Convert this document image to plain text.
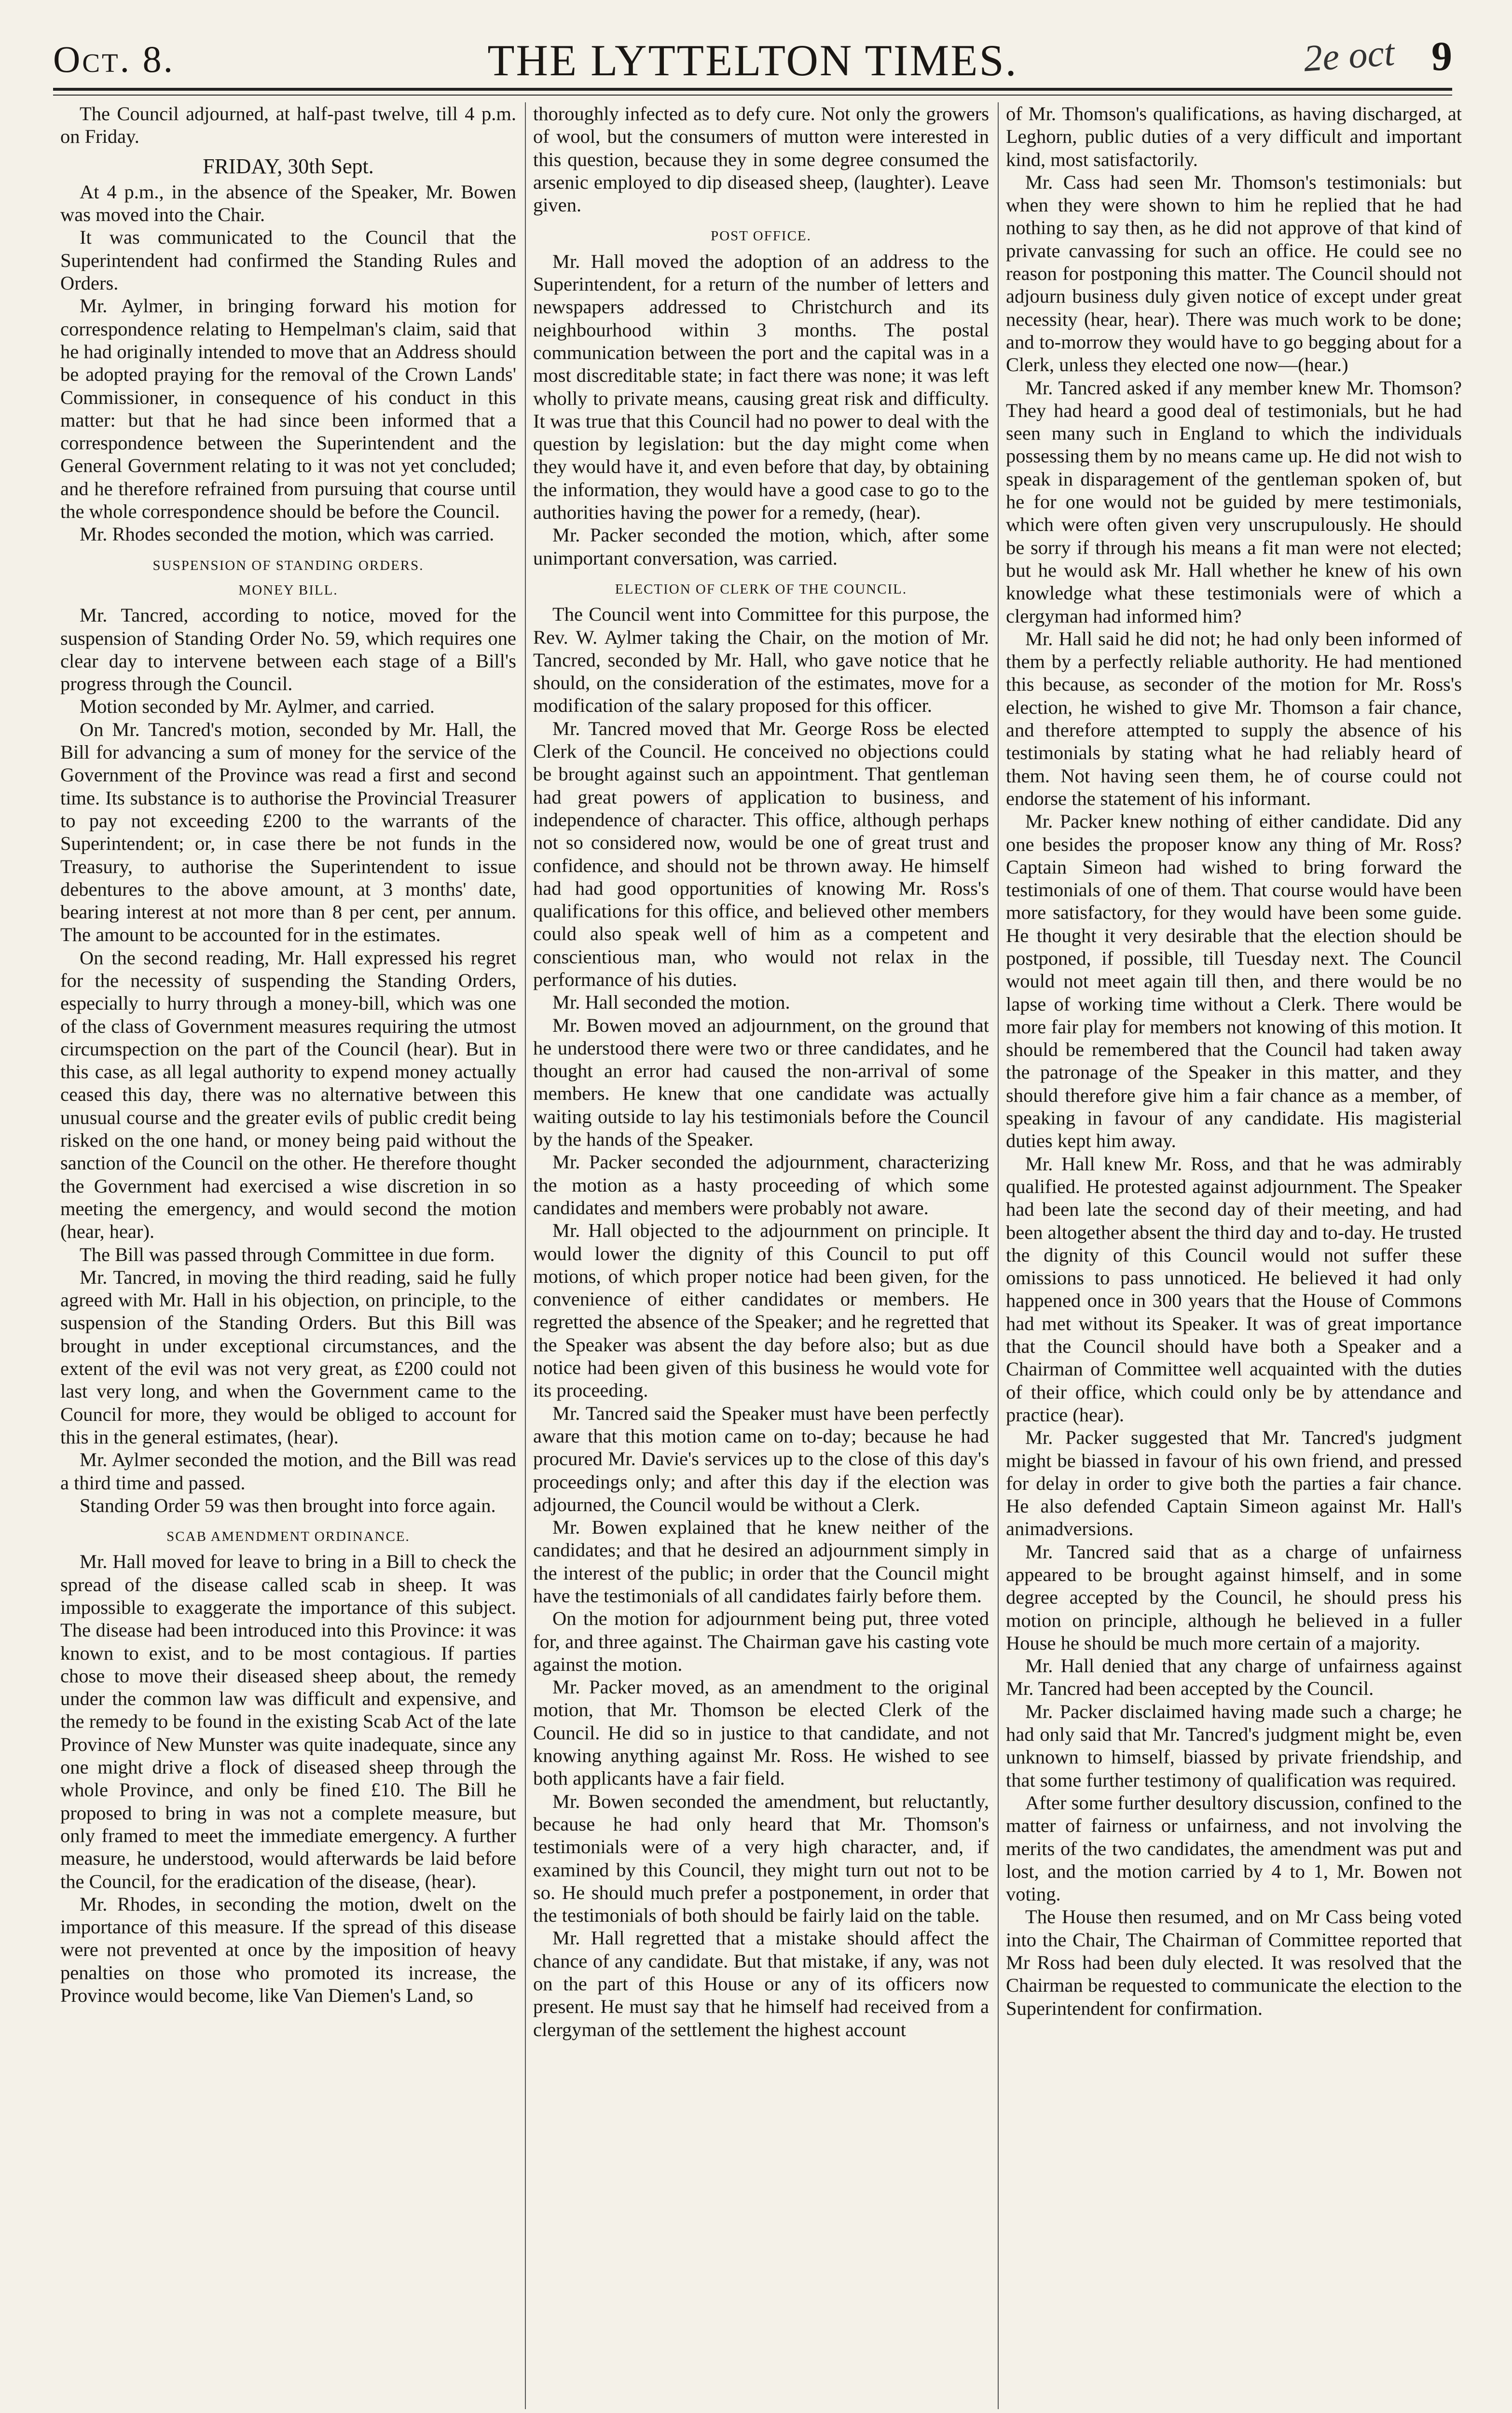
Oct. 8.	THE LYTTELTON TIMES.	2e oct 9

The Council adjourned, at half-past twelve, till 4 p.m. on Friday.

FRIDAY, 30th Sept.

At 4 p.m., in the absence of the Speaker, Mr. Bowen was moved into the Chair.

It was communicated to the Council that the Superintendent had confirmed the Standing Rules and Orders.

Mr. Aylmer, in bringing forward his motion for correspondence relating to Hempelman's claim, said that he had originally intended to move that an Address should be adopted praying for the removal of the Crown Lands' Commissioner, in consequence of his conduct in this matter: but that he had since been informed that a correspondence between the Superintendent and the General Government relating to it was not yet concluded; and he therefore refrained from pursuing that course until the whole correspondence should be before the Council.

Mr. Rhodes seconded the motion, which was carried.

SUSPENSION OF STANDING ORDERS.
MONEY BILL.

Mr. Tancred, according to notice, moved for the suspension of Standing Order No. 59, which requires one clear day to intervene between each stage of a Bill's progress through the Council.

Motion seconded by Mr. Aylmer, and carried.

On Mr. Tancred's motion, seconded by Mr. Hall, the Bill for advancing a sum of money for the service of the Government of the Province was read a first and second time. Its substance is to authorise the Provincial Treasurer to pay not exceeding £200 to the warrants of the Superintendent; or, in case there be not funds in the Treasury, to authorise the Superintendent to issue debentures to the above amount, at 3 months' date, bearing interest at not more than 8 per cent, per annum. The amount to be accounted for in the estimates.

On the second reading, Mr. Hall expressed his regret for the necessity of suspending the Standing Orders, especially to hurry through a money-bill, which was one of the class of Government measures requiring the utmost circumspection on the part of the Council (hear). But in this case, as all legal authority to expend money actually ceased this day, there was no alternative between this unusual course and the greater evils of public credit being risked on the one hand, or money being paid without the sanction of the Council on the other. He therefore thought the Government had exercised a wise discretion in so meeting the emergency, and would second the motion (hear, hear).

The Bill was passed through Committee in due form.

Mr. Tancred, in moving the third reading, said he fully agreed with Mr. Hall in his objection, on principle, to the suspension of the Standing Orders. But this Bill was brought in under exceptional circumstances, and the extent of the evil was not very great, as £200 could not last very long, and when the Government came to the Council for more, they would be obliged to account for this in the general estimates, (hear).

Mr. Aylmer seconded the motion, and the Bill was read a third time and passed.

Standing Order 59 was then brought into force again.

SCAB AMENDMENT ORDINANCE.

Mr. Hall moved for leave to bring in a Bill to check the spread of the disease called scab in sheep. It was impossible to exaggerate the importance of this subject. The disease had been introduced into this Province: it was known to exist, and to be most contagious. If parties chose to move their diseased sheep about, the remedy under the common law was difficult and expensive, and the remedy to be found in the existing Scab Act of the late Province of New Munster was quite inadequate, since any one might drive a flock of diseased sheep through the whole Province, and only be fined £10. The Bill he proposed to bring in was not a complete measure, but only framed to meet the immediate emergency. A further measure, he understood, would afterwards be laid before the Council, for the eradication of the disease, (hear).

Mr. Rhodes, in seconding the motion, dwelt on the importance of this measure. If the spread of this disease were not prevented at once by the imposition of heavy penalties on those who promoted its increase, the Province would become, like Van Diemen's Land, so

thoroughly infected as to defy cure. Not only the growers of wool, but the consumers of mutton were interested in this question, because they in some degree consumed the arsenic employed to dip diseased sheep, (laughter). Leave given.

POST OFFICE.

Mr. Hall moved the adoption of an address to the Superintendent, for a return of the number of letters and newspapers addressed to Christchurch and its neighbourhood within 3 months. The postal communication between the port and the capital was in a most discreditable state; in fact there was none; it was left wholly to private means, causing great risk and difficulty. It was true that this Council had no power to deal with the question by legislation: but the day might come when they would have it, and even before that day, by obtaining the information, they would have a good case to go to the authorities having the power for a remedy, (hear).

Mr. Packer seconded the motion, which, after some unimportant conversation, was carried.

ELECTION OF CLERK OF THE COUNCIL.

The Council went into Committee for this purpose, the Rev. W. Aylmer taking the Chair, on the motion of Mr. Tancred, seconded by Mr. Hall, who gave notice that he should, on the consideration of the estimates, move for a modification of the salary proposed for this officer.

Mr. Tancred moved that Mr. George Ross be elected Clerk of the Council. He conceived no objections could be brought against such an appointment. That gentleman had great powers of application to business, and independence of character. This office, although perhaps not so considered now, would be one of great trust and confidence, and should not be thrown away. He himself had had good opportunities of knowing Mr. Ross's qualifications for this office, and believed other members could also speak well of him as a competent and conscientious man, who would not relax in the performance of his duties.

Mr. Hall seconded the motion.

Mr. Bowen moved an adjournment, on the ground that he understood there were two or three candidates, and he thought an error had caused the non-arrival of some members. He knew that one candidate was actually waiting outside to lay his testimonials before the Council by the hands of the Speaker.

Mr. Packer seconded the adjournment, characterizing the motion as a hasty proceeding of which some candidates and members were probably not aware.

Mr. Hall objected to the adjournment on principle. It would lower the dignity of this Council to put off motions, of which proper notice had been given, for the convenience of either candidates or members. He regretted the absence of the Speaker; and he regretted that the Speaker was absent the day before also; but as due notice had been given of this business he would vote for its proceeding.

Mr. Tancred said the Speaker must have been perfectly aware that this motion came on to-day; because he had procured Mr. Davie's services up to the close of this day's proceedings only; and after this day if the election was adjourned, the Council would be without a Clerk.

Mr. Bowen explained that he knew neither of the candidates; and that he desired an adjournment simply in the interest of the public; in order that the Council might have the testimonials of all candidates fairly before them.

On the motion for adjournment being put, three voted for, and three against. The Chairman gave his casting vote against the motion.

Mr. Packer moved, as an amendment to the original motion, that Mr. Thomson be elected Clerk of the Council. He did so in justice to that candidate, and not knowing anything against Mr. Ross. He wished to see both applicants have a fair field.

Mr. Bowen seconded the amendment, but reluctantly, because he had only heard that Mr. Thomson's testimonials were of a very high character, and, if examined by this Council, they might turn out not to be so. He should much prefer a postponement, in order that the testimonials of both should be fairly laid on the table.

Mr. Hall regretted that a mistake should affect the chance of any candidate. But that mistake, if any, was not on the part of this House or any of its officers now present. He must say that he himself had received from a clergyman of the settlement the highest account

of Mr. Thomson's qualifications, as having discharged, at Leghorn, public duties of a very difficult and important kind, most satisfactorily.

Mr. Cass had seen Mr. Thomson's testimonials: but when they were shown to him he replied that he had nothing to say then, as he did not approve of that kind of private canvassing for such an office. He could see no reason for postponing this matter. The Council should not adjourn business duly given notice of except under great necessity (hear, hear). There was much work to be done; and to-morrow they would have to go begging about for a Clerk, unless they elected one now—(hear.)

Mr. Tancred asked if any member knew Mr. Thomson? They had heard a good deal of testimonials, but he had seen many such in England to which the individuals possessing them by no means came up. He did not wish to speak in disparagement of the gentleman spoken of, but he for one would not be guided by mere testimonials, which were often given very unscrupulously. He should be sorry if through his means a fit man were not elected; but he would ask Mr. Hall whether he knew of his own knowledge what these testimonials were of which a clergyman had informed him?

Mr. Hall said he did not; he had only been informed of them by a perfectly reliable authority. He had mentioned this because, as seconder of the motion for Mr. Ross's election, he wished to give Mr. Thomson a fair chance, and therefore attempted to supply the absence of his testimonials by stating what he had reliably heard of them. Not having seen them, he of course could not endorse the statement of his informant.

Mr. Packer knew nothing of either candidate. Did any one besides the proposer know any thing of Mr. Ross? Captain Simeon had wished to bring forward the testimonials of one of them. That course would have been more satisfactory, for they would have been some guide. He thought it very desirable that the election should be postponed, if possible, till Tuesday next. The Council would not meet again till then, and there would be no lapse of working time without a Clerk. There would be more fair play for members not knowing of this motion. It should be remembered that the Council had taken away the patronage of the Speaker in this matter, and they should therefore give him a fair chance as a member, of speaking in favour of any candidate. His magisterial duties kept him away.

Mr. Hall knew Mr. Ross, and that he was admirably qualified. He protested against adjournment. The Speaker had been late the second day of their meeting, and had been altogether absent the third day and to-day. He trusted the dignity of this Council would not suffer these omissions to pass unnoticed. He believed it had only happened once in 300 years that the House of Commons had met without its Speaker. It was of great importance that the Council should have both a Speaker and a Chairman of Committee well acquainted with the duties of their office, which could only be by attendance and practice (hear).

Mr. Packer suggested that Mr. Tancred's judgment might be biassed in favour of his own friend, and pressed for delay in order to give both the parties a fair chance. He also defended Captain Simeon against Mr. Hall's animadversions.

Mr. Tancred said that as a charge of unfairness appeared to be brought against himself, and in some degree accepted by the Council, he should press his motion on principle, although he believed in a fuller House he should be much more certain of a majority.

Mr. Hall denied that any charge of unfairness against Mr. Tancred had been accepted by the Council.

Mr. Packer disclaimed having made such a charge; he had only said that Mr. Tancred's judgment might be, even unknown to himself, biassed by private friendship, and that some further testimony of qualification was required.

After some further desultory discussion, confined to the matter of fairness or unfairness, and not involving the merits of the two candidates, the amendment was put and lost, and the motion carried by 4 to 1, Mr. Bowen not voting.

The House then resumed, and on Mr Cass being voted into the Chair, The Chairman of Committee reported that Mr Ross had been duly elected. It was resolved that the Chairman be requested to communicate the election to the Superintendent for confirmation.
